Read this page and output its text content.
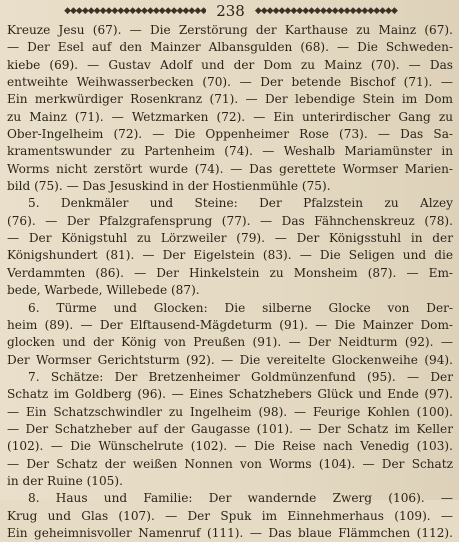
◆◆◆◆◆◆◆◆◆◆◆◆◆◆◆◆◆◆◆◆◆◆◆◆ 238 ◆◆◆◆◆◆◆◆◆◆◆◆◆◆◆◆◆◆◆◆◆◆◆◆
Kreuze Jesu (67). — Die Zerstörung der Karthause zu Mainz (67).
— Der Esel auf den Mainzer Albansgulden (68). — Die Schweden-
kiebe (69). — Gustav Adolf und der Dom zu Mainz (70). — Das
entweihte Weihwasserbecken (70). — Der betende Bischof (71). —
Ein merkwürdiger Rosenkranz (71). — Der lebendige Stein im Dom
zu Mainz (71). — Wetzmarken (72). — Ein unterirdischer Gang zu
Ober-Ingelheim (72). — Die Oppenheimer Rose (73). — Das Sa-
kramentswunder zu Partenheim (74). — Weshalb Mariamünster in
Worms nicht zerstört wurde (74). — Das gerettete Wormser Marien-
bild (75). — Das Jesuskind in der Hostienmühle (75).
5. Denkmäler und Steine: Der Pfalzstein zu Alzey
(76). — Der Pfalzgrafensprung (77). — Das Fähnchenskreuz (78).
— Der Königstuhl zu Lörzweiler (79). — Der Königsstuhl in der
Königshundert (81). — Der Eigelstein (83). — Die Seligen und die
Verdammten (86). — Der Hinkelstein zu Monsheim (87). — Em-
bede, Warbede, Willebede (87).
6. Türme und Glocken: Die silberne Glocke von Der-
heim (89). — Der Elftausend-Mägdeturm (91). — Die Mainzer Dom-
glocken und der König von Preußen (91). — Der Neidturm (92). —
Der Wormser Gerichtsturm (92). — Die vereitelte Glockenweihe (94).
7. Schätze: Der Bretzenheimer Goldmünzenfund (95). — Der
Schatz im Goldberg (96). — Eines Schatzhebers Glück und Ende (97).
— Ein Schatzschwindler zu Ingelheim (98). — Feurige Kohlen (100).
— Der Schatzheber auf der Gaugasse (101). — Der Schatz im Keller
(102). — Die Wünschelrute (102). — Die Reise nach Venedig (103).
— Der Schatz der weißen Nonnen von Worms (104). — Der Schatz
in der Ruine (105).
8. Haus und Familie: Der wandernde Zwerg (106). —
Krug und Glas (107). — Der Spuk im Einnehmerhaus (109). —
Ein geheimnisvoller Namenruf (111). — Das blaue Flämmchen (112).
